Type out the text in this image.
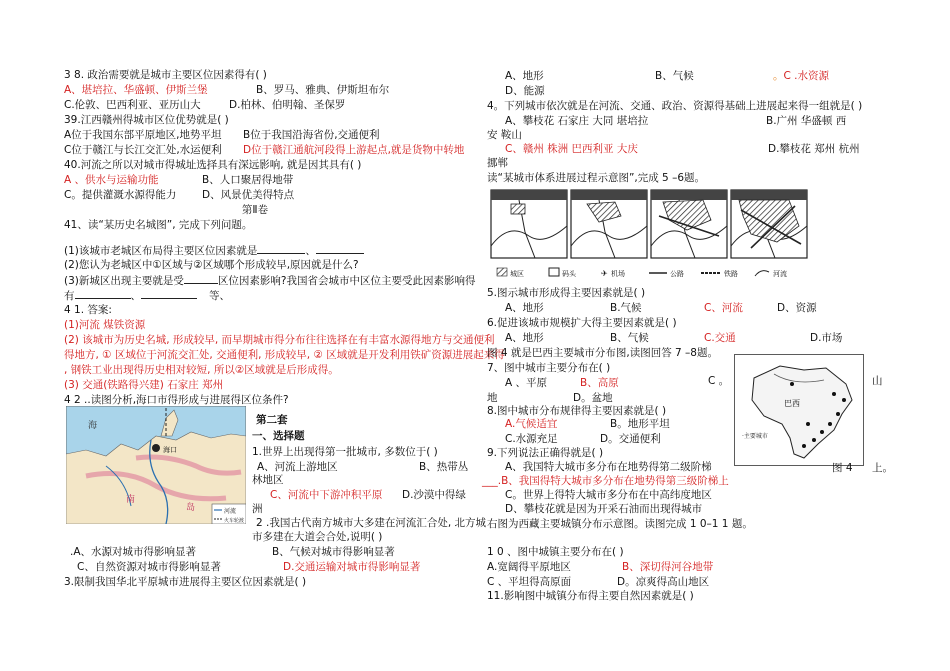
3 8. 政治需要就是城市主要区位因素得有( )
A、堪培拉、华盛顿、伊斯兰堡	B、罗马、雅典、伊斯坦布尔
C.伦敦、巴西利亚、亚历山大	D.柏林、伯明翰、圣保罗
39.江西赣州得城市区位优势就是( )
A位于我国东部平原地区,地势平坦 B位于我国沿海省份,交通便利
C位于赣江与长江交汇处,水运便利 D位于赣江通航河段得上游起点,就是货物中转地
40.河流之所以对城市得城址选择具有深远影响, 就是因其具有( )
A 、供水与运输功能	B、人口聚居得地带
C。提供灌溉水源得能力 D、风景优美得特点
第Ⅱ卷
41、读“某历史名城图”, 完成下列问题。
(1)该城市老城区布局得主要区位因素就是	、
(2)您认为老城区中①区域与②区域哪个形成较早,原因就是什么?
(3)新城区出现主要就是受	区位因素影响?我国省会城市中区位主要受此因素影响得
有	、	等、
4 1. 答案:
(1)河流 煤铁资源
(2) 该城市为历史名城, 形成较早, 而早期城市得分布往往选择在有丰富水源得地方与交通便利
得地方, ① 区域位于河流交汇处, 交通便利, 形成较早, ② 区域就是开发利用铁矿资源进展起来得
, 钢铁工业出现得历史相对较短, 所以②区域就是后形成得。
(3) 交通(铁路得兴建) 石家庄 郑州
4 2 ..读图分析,海口市得形成与进展得区位条件?
海
海口
南
岛	河流
火车轮渡
第二套
一、选择题
1.世界上出现得第一批城市, 多数位于( )
A、河流上游地区	B、热带丛
林地区
C、河流中下游冲积平原 D.沙漠中得绿
洲
2 .我国古代南方城市大多建在河流汇合处, 北方城
市多建在大道会合处,说明( )
.A、水源对城市得影响显著	B、气候对城市得影响显著
C、自然资源对城市得影响显著	D.交通运输对城市得影响显著
3.限制我国华北平原城市进展得主要区位因素就是( )
A、地形	B、气候	。C .水资源
D、能源
4。下列城市依次就是在河流、交通、政治、资源得基础上进展起来得一组就是( )
A、攀枝花 石家庄 大同 堪培拉	B.广州 华盛顿 西
安 鞍山
C、赣州 株洲 巴西利亚 大庆	D.攀枝花 郑州 杭州
挪郸
读“某城市体系进展过程示意图”,完成 5 –6题。
城区	码头	✈ 机场	公路	铁路	河流
5.图示城市形成得主要因素就是( )
A、地形	B.气候	C、河流	D、资源
6.促进该城市规模扩大得主要因素就是( )
A、地形	B、气候	C.交通	D.市场
图 4 就是巴西主要城市分布图,读图回答 7 –8题。
7、图中城市主要分布在( )
A 、平原	B、高原	C 。	山
地	D。盆地
8.图中城市分布规律得主要因素就是( )
A.气候适宜	B。地形平坦
C.水源充足	D。交通便利
9.下列说法正确得就是( )
A、我国特大城市多分布在地势得第二级阶梯
___.B、我国得特大城市多分布在地势得第三级阶梯上
C。世界上得特大城市多分布在中高纬度地区
D、攀枝花就是因为开采石油而出现得城市
右图为西藏主要城镇分布示意图。读图完成 1 0–1 1 题。
1 0 、图中城镇主要分布在( )
A.宽阔得平原地区	B、深切得河谷地带
C 、平坦得高原面	D。凉爽得高山地区
11.影响图中城镇分布得主要自然因素就是( )
巴西
·主要城市
图 4 上。
